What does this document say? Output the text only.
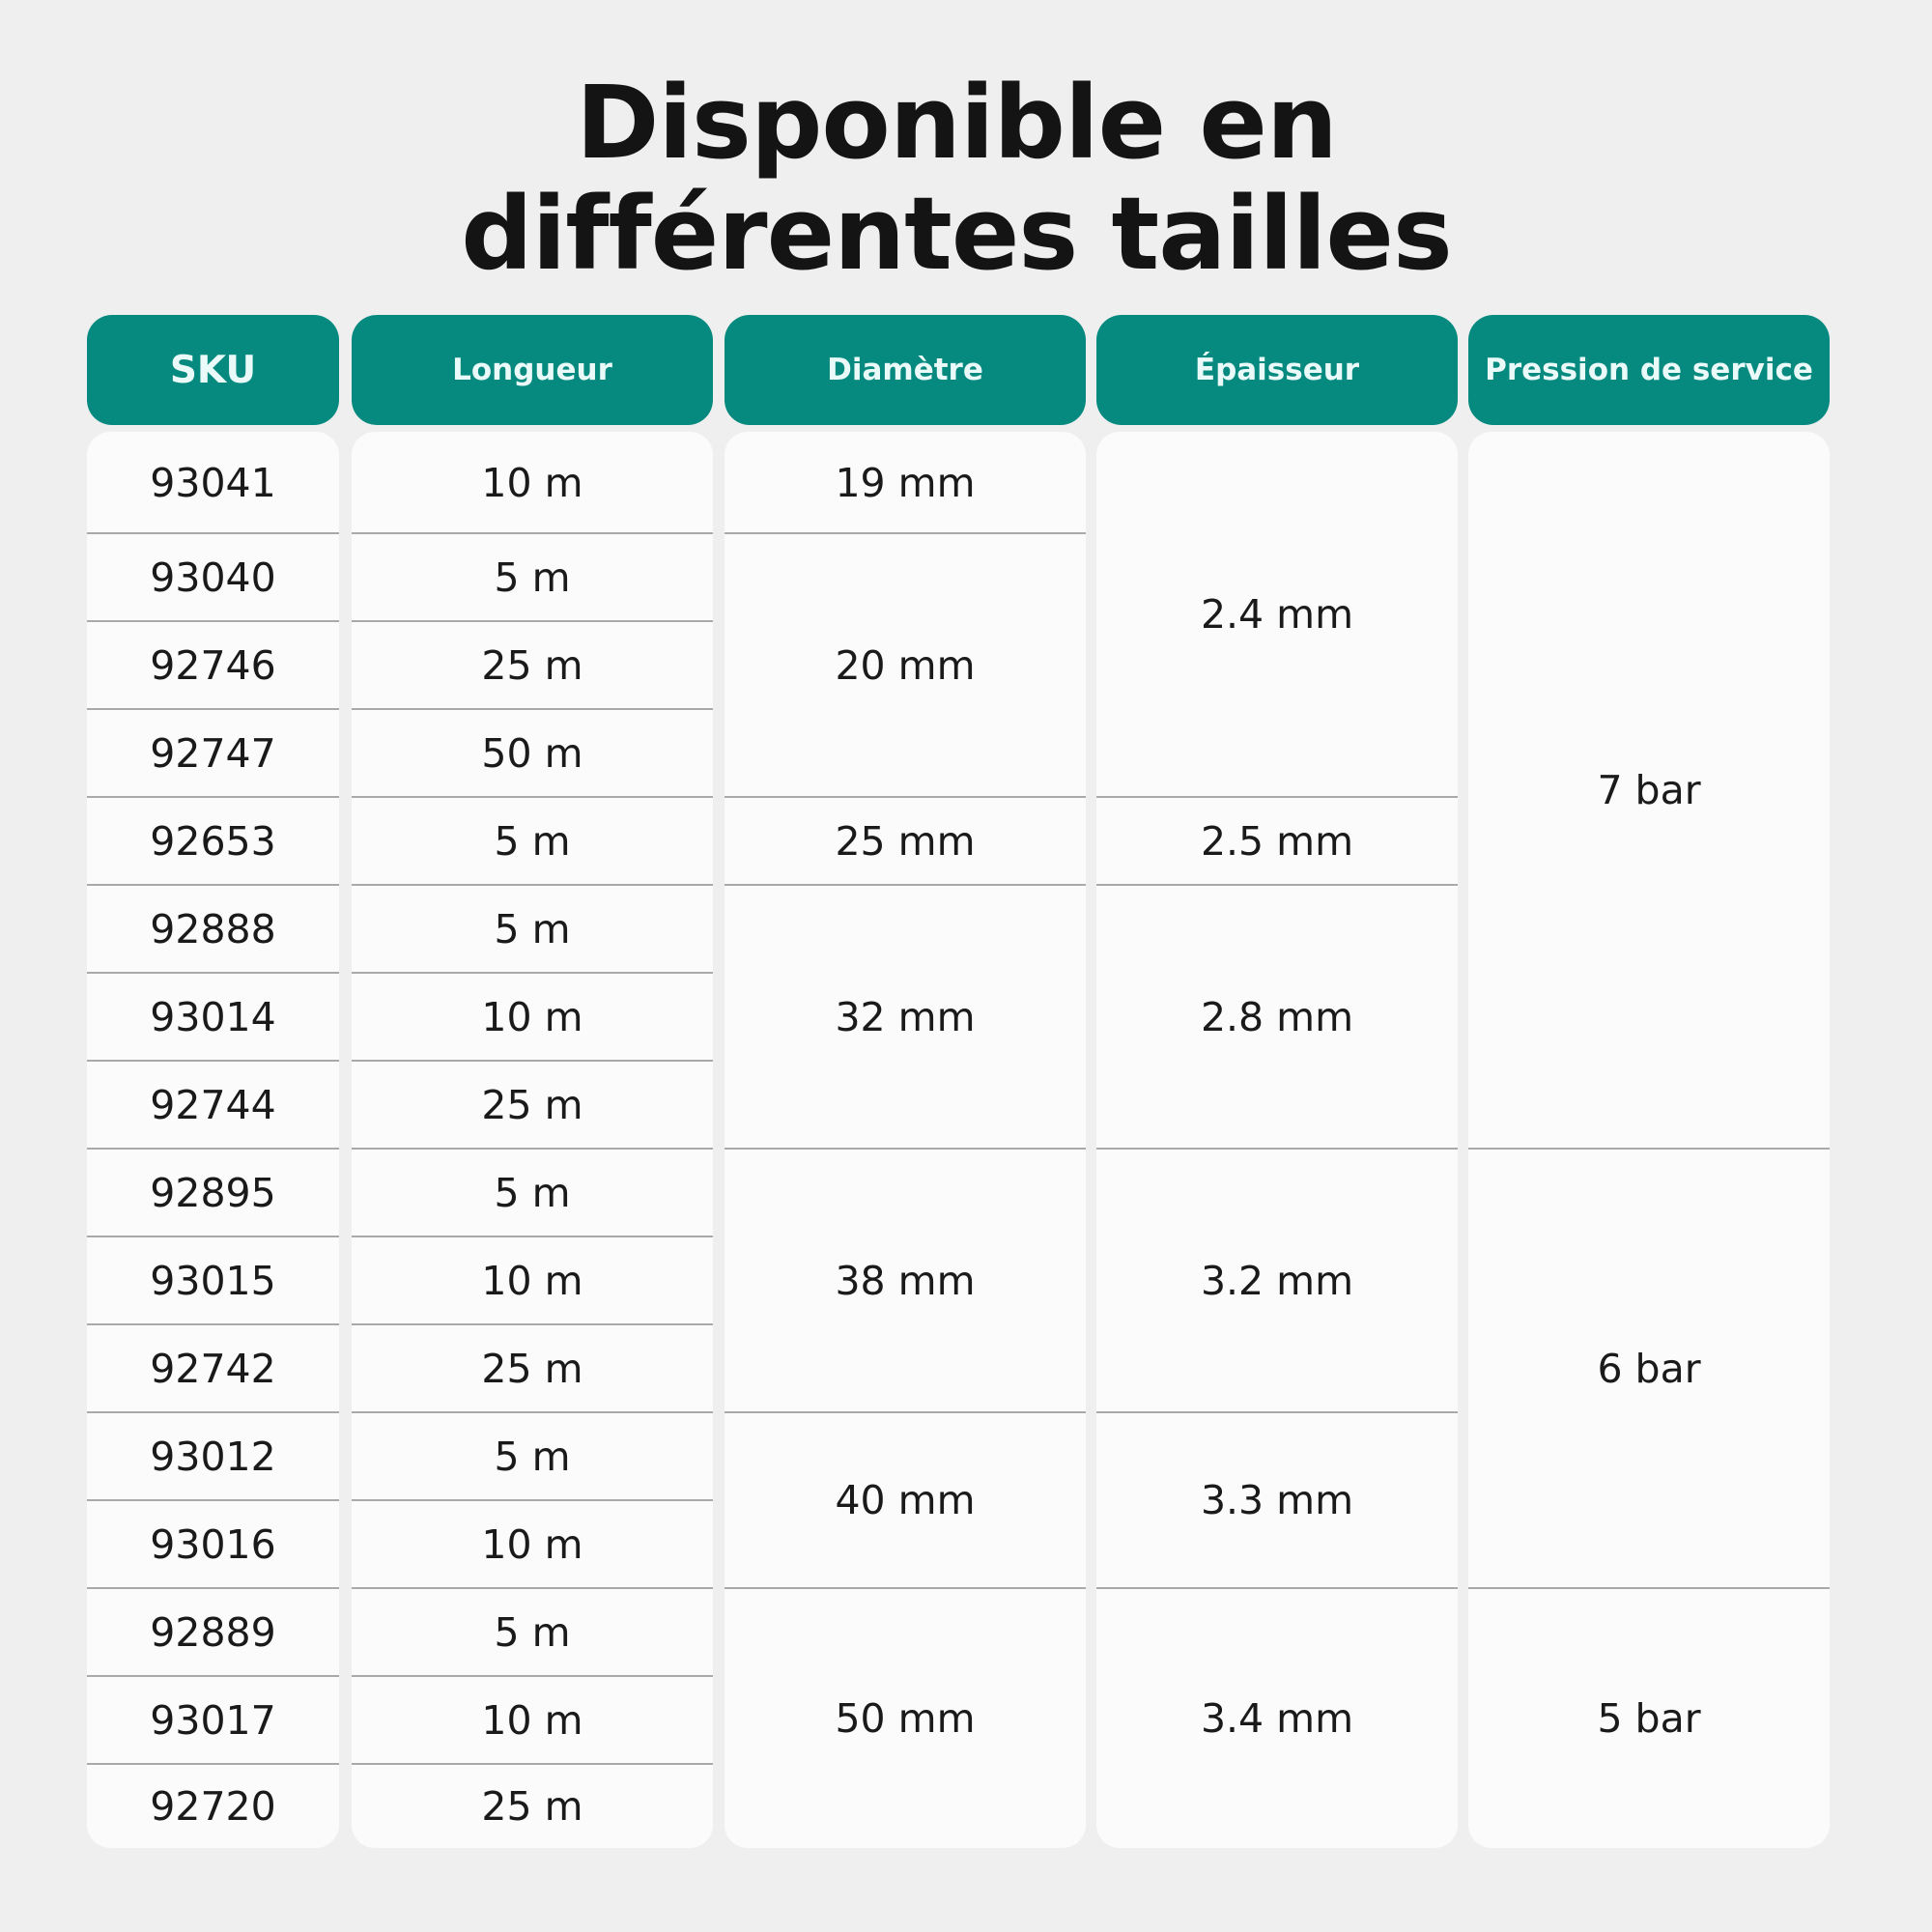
Disponible en
différentes tailles
SKU
93041
93040
92746
92747
92653
92888
93014
92744
92895
93015
92742
93012
93016
92889
93017
92720
Longueur
10 m
5 m
25 m
50 m
5 m
5 m
10 m
25 m
5 m
10 m
25 m
5 m
10 m
5 m
10 m
25 m
Diamètre
19 mm
20 mm
25 mm
32 mm
38 mm
40 mm
50 mm
Épaisseur
2.4 mm
2.5 mm
2.8 mm
3.2 mm
3.3 mm
3.4 mm
Pression de service
7 bar
6 bar
5 bar
